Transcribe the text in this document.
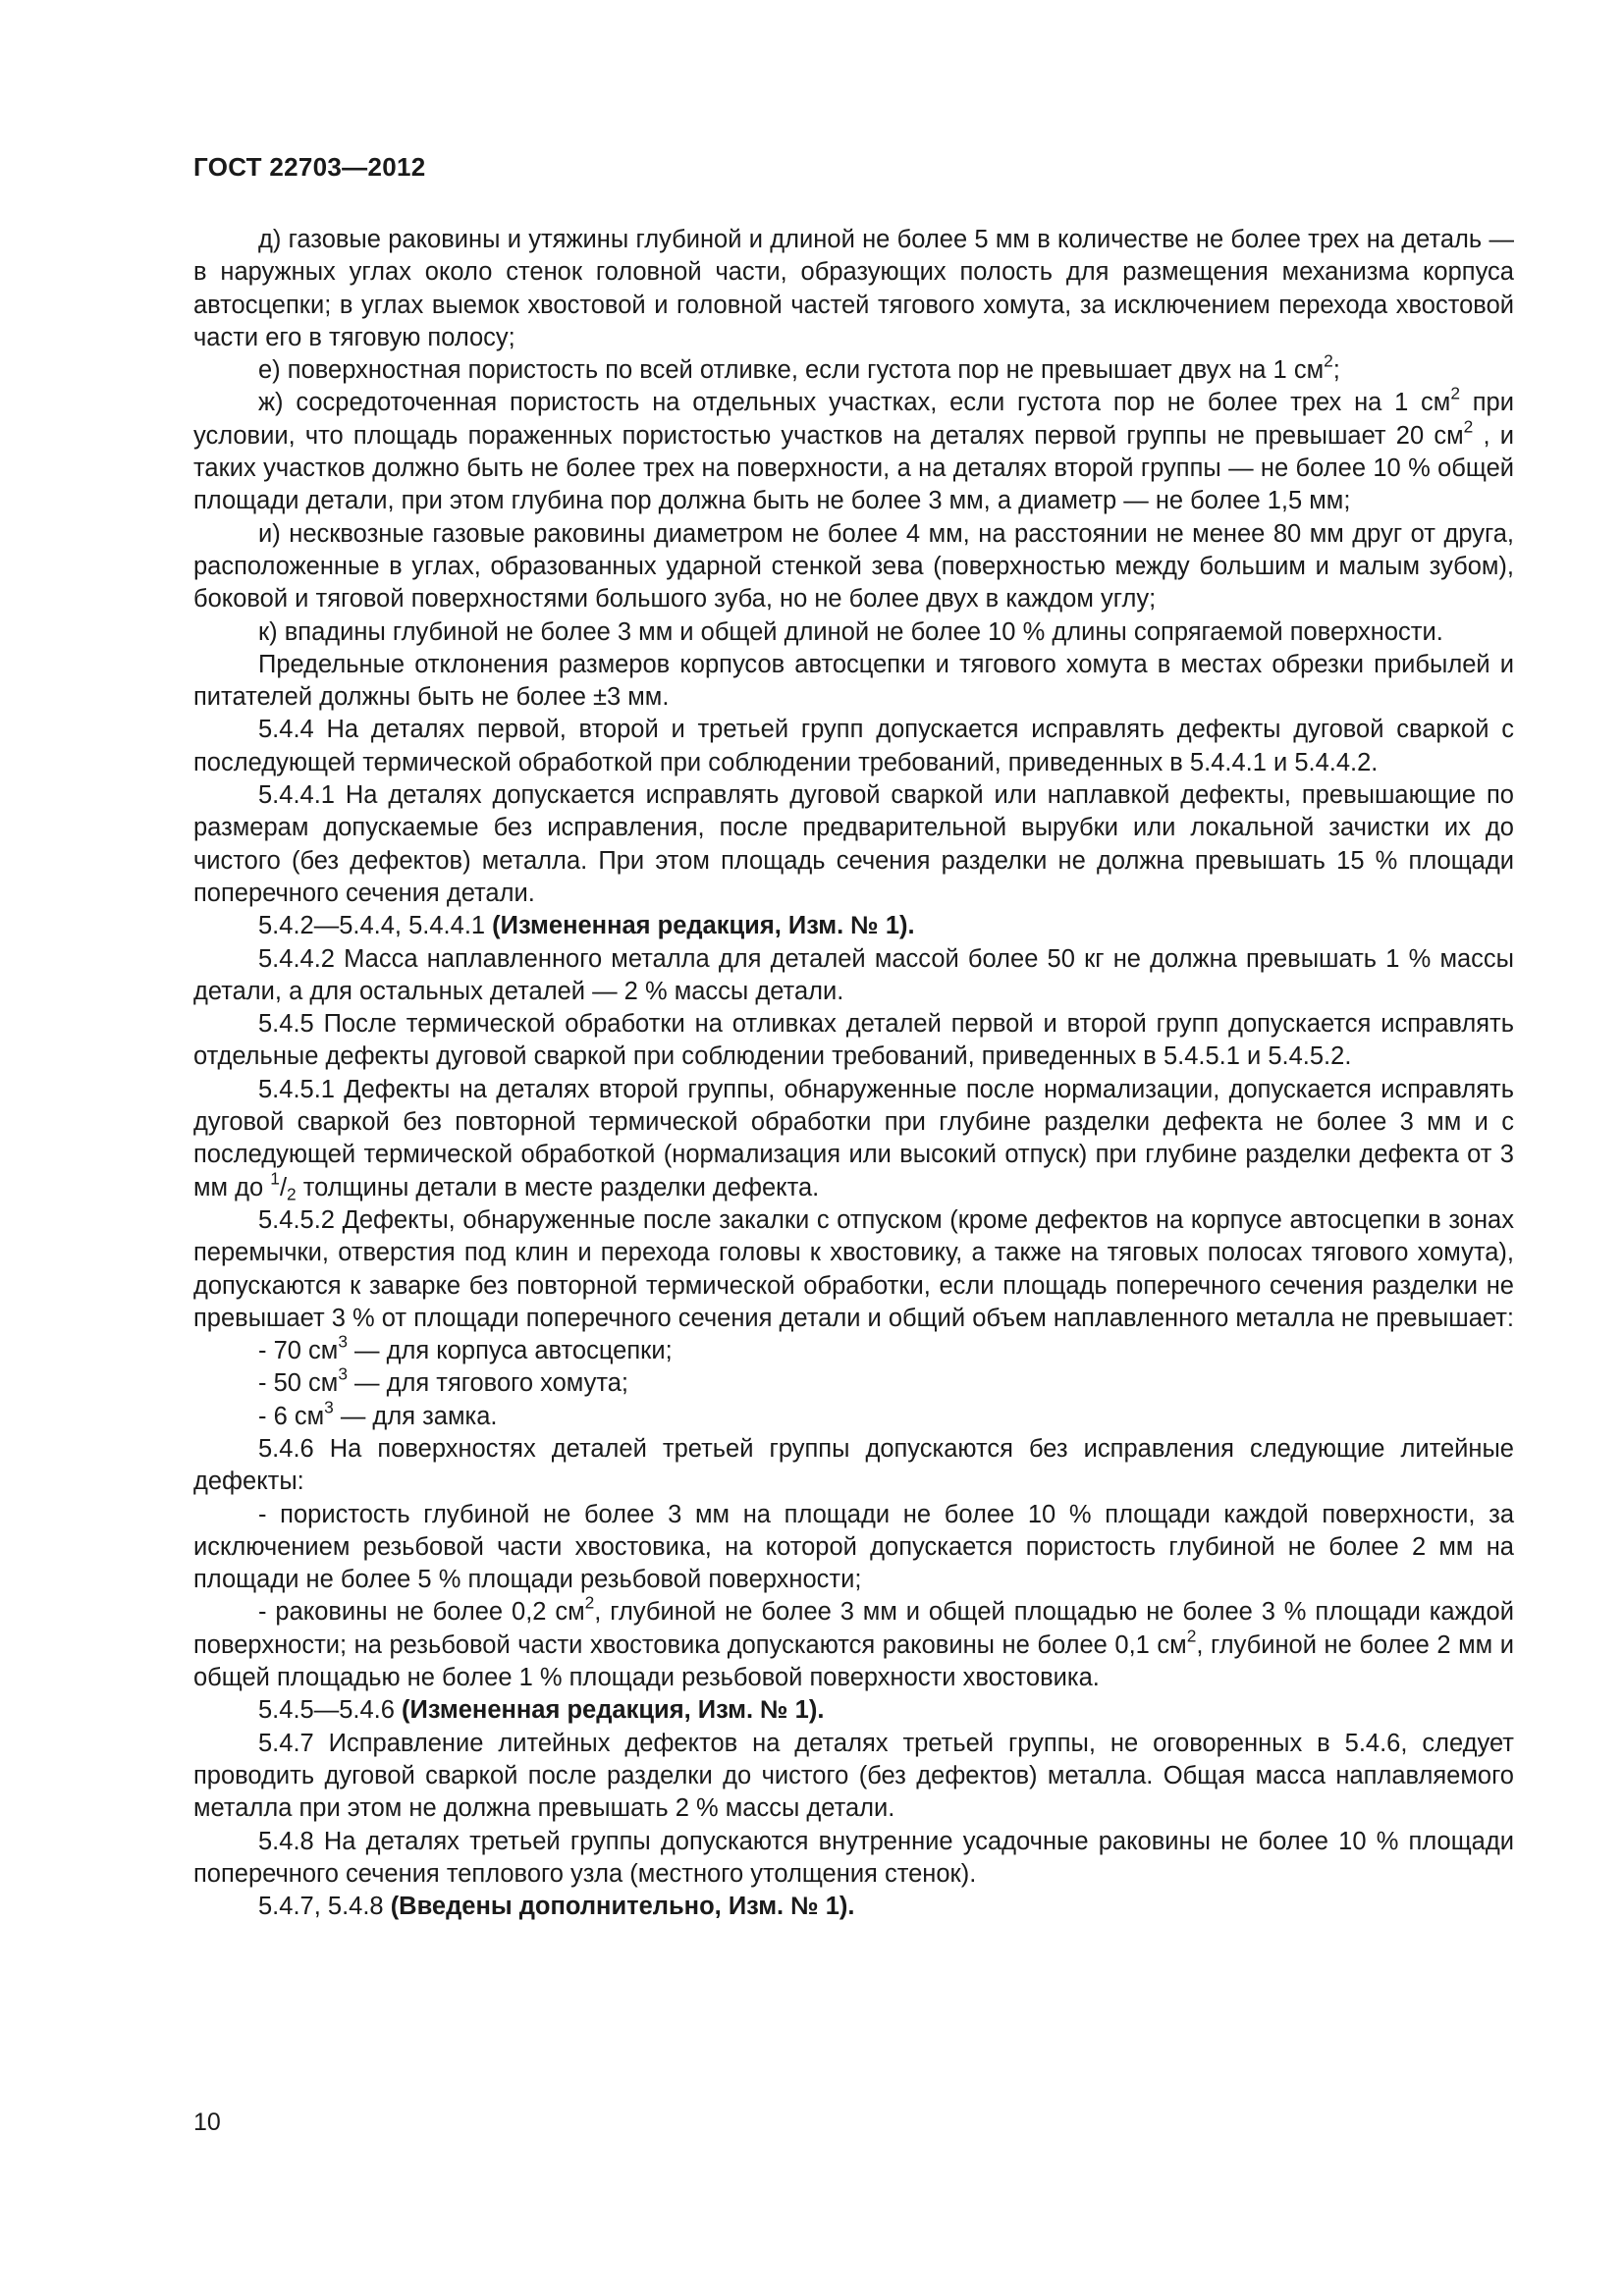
ГОСТ 22703—2012

д) газовые раковины и утяжины глубиной и длиной не более 5 мм в количестве не более трех на деталь — в наружных углах около стенок головной части, образующих полость для размещения механизма корпуса автосцепки; в углах выемок хвостовой и головной частей тягового хомута, за исключением перехода хвостовой части его в тяговую полосу;

е) поверхностная пористость по всей отливке, если густота пор не превышает двух на 1 $см^2$;

ж) сосредоточенная пористость на отдельных участках, если густота пор не более трех на 1 $см^2$ при условии, что площадь пораженных пористостью участков на деталях первой группы не превышает 20 $см^2$ , и таких участков должно быть не более трех на поверхности, а на деталях второй группы — не более 10 % общей площади детали, при этом глубина пор должна быть не более 3 мм, а диаметр — не более 1,5 мм;

и) несквозные газовые раковины диаметром не более 4 мм, на расстоянии не менее 80 мм друг от друга, расположенные в углах, образованных ударной стенкой зева (поверхностью между большим и малым зубом), боковой и тяговой поверхностями большого зуба, но не более двух в каждом углу;

к) впадины глубиной не более 3 мм и общей длиной не более 10 % длины сопрягаемой поверхности.

Предельные отклонения размеров корпусов автосцепки и тягового хомута в местах обрезки прибылей и питателей должны быть не более ±3 мм.

5.4.4 На деталях первой, второй и третьей групп допускается исправлять дефекты дуговой сваркой с последующей термической обработкой при соблюдении требований, приведенных в 5.4.4.1 и 5.4.4.2.

5.4.4.1 На деталях допускается исправлять дуговой сваркой или наплавкой дефекты, превышающие по размерам допускаемые без исправления, после предварительной вырубки или локальной зачистки их до чистого (без дефектов) металла. При этом площадь сечения разделки не должна превышать 15 % площади поперечного сечения детали.

5.4.2—5.4.4, 5.4.4.1 (Измененная редакция, Изм. № 1).

5.4.4.2 Масса наплавленного металла для деталей массой более 50 кг не должна превышать 1 % массы детали, а для остальных деталей — 2 % массы детали.

5.4.5 После термической обработки на отливках деталей первой и второй групп допускается исправлять отдельные дефекты дуговой сваркой при соблюдении требований, приведенных в 5.4.5.1 и 5.4.5.2.

5.4.5.1 Дефекты на деталях второй группы, обнаруженные после нормализации, допускается исправлять дуговой сваркой без повторной термической обработки при глубине разделки дефекта не более 3 мм и с последующей термической обработкой (нормализация или высокий отпуск) при глубине разделки дефекта от 3 мм до $^1/_2$ толщины детали в месте разделки дефекта.

5.4.5.2 Дефекты, обнаруженные после закалки с отпуском (кроме дефектов на корпусе автосцепки в зонах перемычки, отверстия под клин и перехода головы к хвостовику, а также на тяговых полосах тягового хомута), допускаются к заварке без повторной термической обработки, если площадь поперечного сечения разделки не превышает 3 % от площади поперечного сечения детали и общий объем наплавленного металла не превышает:

- 70 $см^3$ — для корпуса автосцепки;

- 50 $см^3$ — для тягового хомута;

- 6 $см^3$ — для замка.

5.4.6 На поверхностях деталей третьей группы допускаются без исправления следующие литейные дефекты:

- пористость глубиной не более 3 мм на площади не более 10 % площади каждой поверхности, за исключением резьбовой части хвостовика, на которой допускается пористость глубиной не более 2 мм на площади не более 5 % площади резьбовой поверхности;

- раковины не более 0,2 $см^2$, глубиной не более 3 мм и общей площадью не более 3 % площади каждой поверхности; на резьбовой части хвостовика допускаются раковины не более 0,1 $см^2$, глубиной не более 2 мм и общей площадью не более 1 % площади резьбовой поверхности хвостовика.

5.4.5—5.4.6 (Измененная редакция, Изм. № 1).

5.4.7 Исправление литейных дефектов на деталях третьей группы, не оговоренных в 5.4.6, следует проводить дуговой сваркой после разделки до чистого (без дефектов) металла. Общая масса наплавляемого металла при этом не должна превышать 2 % массы детали.

5.4.8 На деталях третьей группы допускаются внутренние усадочные раковины не более 10 % площади поперечного сечения теплового узла (местного утолщения стенок).

5.4.7, 5.4.8 (Введены дополнительно, Изм. № 1).

10
